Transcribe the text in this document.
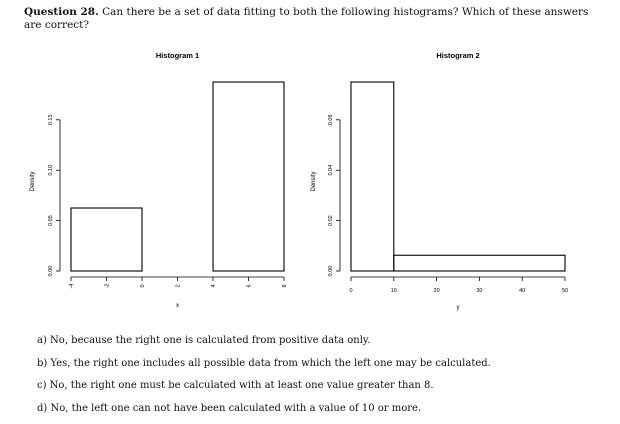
Question 28. Can there be a set of data fitting to both the following histograms? Which of these answers are correct?
Histogram 1
-4	-2	0	2	4	6	8
0.00
0.05
0.10
0.15
Density
x
Histogram 2
0	10	20	30	40	50
0.00
0.02
0.04
0.06
Density
y
a) No, because the right one is calculated from positive data only.
b) Yes, the right one includes all possible data from which the left one may be calculated.
c) No, the right one must be calculated with at least one value greater than 8.
d) No, the left one can not have been calculated with a value of 10 or more.
